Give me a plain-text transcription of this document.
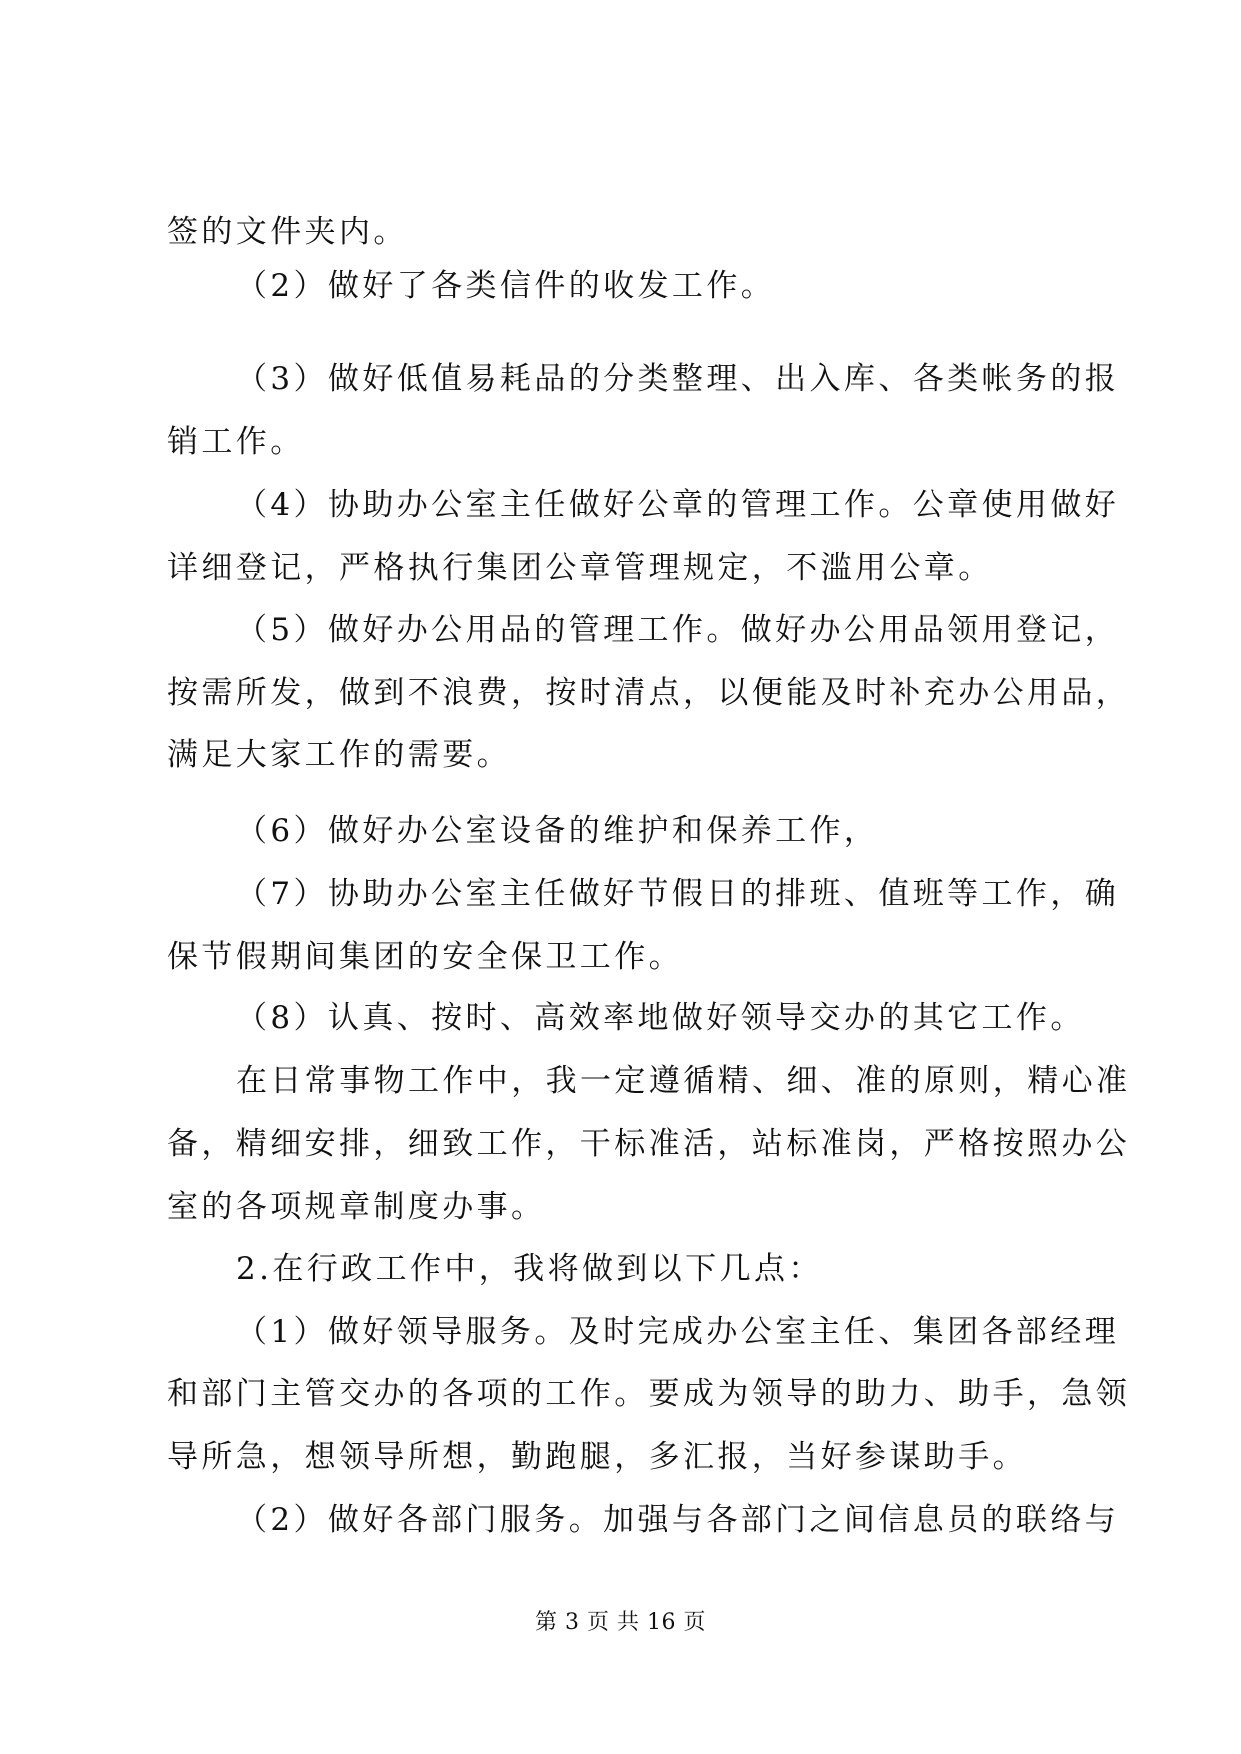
签的文件夹内。
（2）做好了各类信件的收发工作。
（3）做好低值易耗品的分类整理、出入库、各类帐务的报
销工作。
（4）协助办公室主任做好公章的管理工作。公章使用做好
详细登记，严格执行集团公章管理规定，不滥用公章。
（5）做好办公用品的管理工作。做好办公用品领用登记，
按需所发，做到不浪费，按时清点，以便能及时补充办公用品，
满足大家工作的需要。
（6）做好办公室设备的维护和保养工作，
（7）协助办公室主任做好节假日的排班、值班等工作，确
保节假期间集团的安全保卫工作。
（8）认真、按时、高效率地做好领导交办的其它工作。
在日常事物工作中，我一定遵循精、细、准的原则，精心准
备，精细安排，细致工作，干标准活，站标准岗，严格按照办公
室的各项规章制度办事。
2.在行政工作中，我将做到以下几点：
（1）做好领导服务。及时完成办公室主任、集团各部经理
和部门主管交办的各项的工作。要成为领导的助力、助手，急领
导所急，想领导所想，勤跑腿，多汇报，当好参谋助手。
（2）做好各部门服务。加强与各部门之间信息员的联络与
第 3 页 共 16 页
